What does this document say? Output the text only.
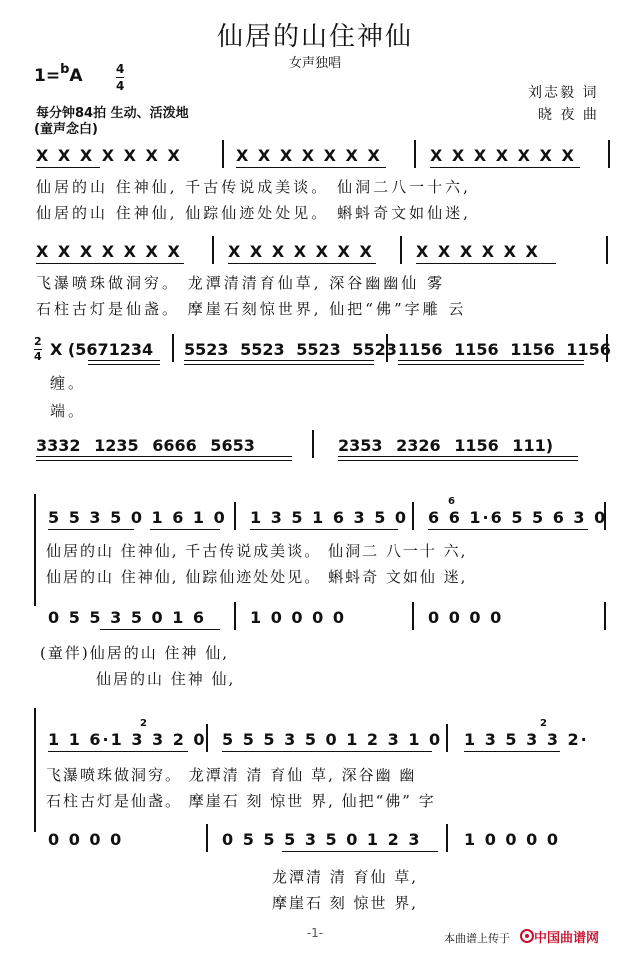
仙居的山住神仙
女声独唱
1=$^b$A	4
4	刘志毅 词
晓 夜 曲
每分钟84拍 生动、活泼地
(童声念白)
X X X X X X X	X X X X X X X	X X X X X X X
仙居的山 住神仙, 千古传说成美谈。 仙洞二八一十六,
仙居的山 住神仙, 仙踪仙迹处处见。 蝌蚪奇文如仙迷,
X X X X X X X	X X X X X X X	X X X X X X
飞瀑喷珠做洞穷。 龙潭清清育仙草, 深谷幽幽仙 雾
石柱古灯是仙盏。 摩崖石刻惊世界, 仙把“佛”字雕 云
2
4 X (5671234 5523 5523 5523 5523 1156 1156 1156 1156
缠。
端。
3332 1235 6666 5653	2353 2326 1156 111)
5 5 3 5 0 1 6 1 0 1 3 5 1 6 3 5 0 6 6 1·6 5 5 6 3 0
6
仙居的山 住神仙, 千古传说成美谈。 仙洞二 八一十 六,
仙居的山 住神仙, 仙踪仙迹处处见。 蝌蚪奇 文如仙 迷,
0 5 5 3 5 0 1 6	1 0 0 0 0	0 0 0 0
(童伴)仙居的山 住神 仙,
仙居的山 住神 仙,
1 1 6·1 3 3 2 0 5 5 5 3 5 0 1 2 3 1 0 1 3 5 3 3 2·
2	2
飞瀑喷珠做洞穷。 龙潭清 清 育仙 草, 深谷幽 幽
石柱古灯是仙盏。 摩崖石 刻 惊世 界, 仙把“佛” 字
0 0 0 0	0 5 5 5 3 5 0 1 2 3	1 0 0 0 0
龙潭清 清 育仙 草,
摩崖石 刻 惊世 界,
-1-	本曲谱上传于 中国曲谱网
